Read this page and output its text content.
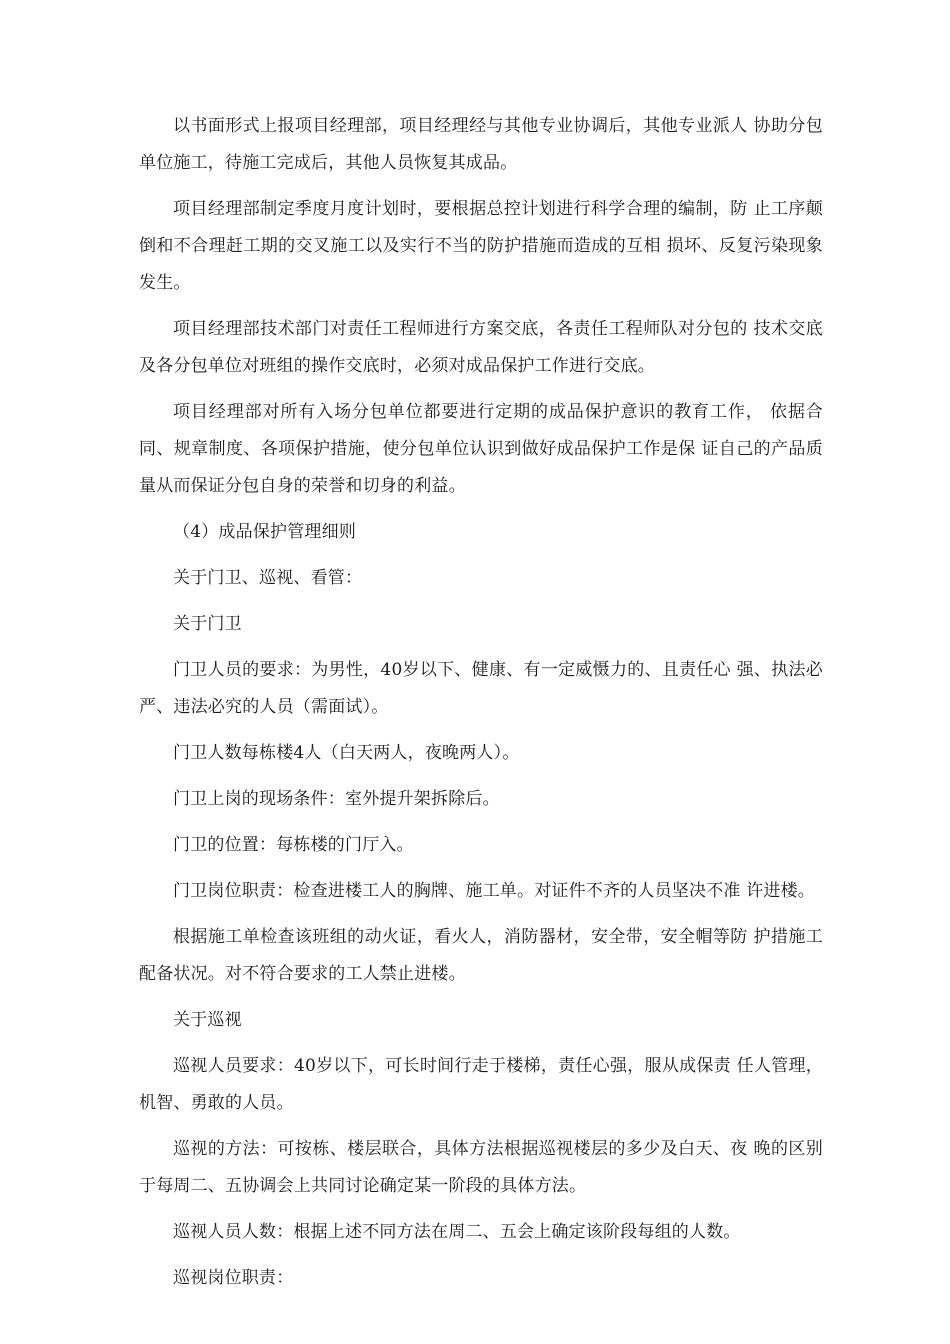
以书面形式上报项目经理部，项目经理经与其他专业协调后，其他专业派人 协助分包单位施工，待施工完成后，其他人员恢复其成品。

项目经理部制定季度月度计划时，要根据总控计划进行科学合理的编制，防 止工序颠倒和不合理赶工期的交叉施工以及实行不当的防护措施而造成的互相 损坏、反复污染现象发生。

项目经理部技术部门对责任工程师进行方案交底，各责任工程师队对分包的 技术交底及各分包单位对班组的操作交底时，必须对成品保护工作进行交底。

项目经理部对所有入场分包单位都要进行定期的成品保护意识的教育工作， 依据合同、规章制度、各项保护措施，使分包单位认识到做好成品保护工作是保 证自己的产品质量从而保证分包自身的荣誉和切身的利益。

（4）成品保护管理细则

关于门卫、巡视、看管：

关于门卫

门卫人员的要求：为男性，40岁以下、健康、有一定威慑力的、且责任心 强、执法必严、违法必究的人员（需面试）。

门卫人数每栋楼4人（白天两人，夜晚两人）。

门卫上岗的现场条件：室外提升架拆除后。

门卫的位置：每栋楼的门厅入。

门卫岗位职责：检查进楼工人的胸牌、施工单。对证件不齐的人员坚决不准 许进楼。

根据施工单检查该班组的动火证，看火人，消防器材，安全带，安全帽等防 护措施工配备状况。对不符合要求的工人禁止进楼。

关于巡视

巡视人员要求：40岁以下，可长时间行走于楼梯，责任心强，服从成保责 任人管理，机智、勇敢的人员。

巡视的方法：可按栋、楼层联合，具体方法根据巡视楼层的多少及白天、夜 晚的区别于每周二、五协调会上共同讨论确定某一阶段的具体方法。

巡视人员人数：根据上述不同方法在周二、五会上确定该阶段每组的人数。

巡视岗位职责：
